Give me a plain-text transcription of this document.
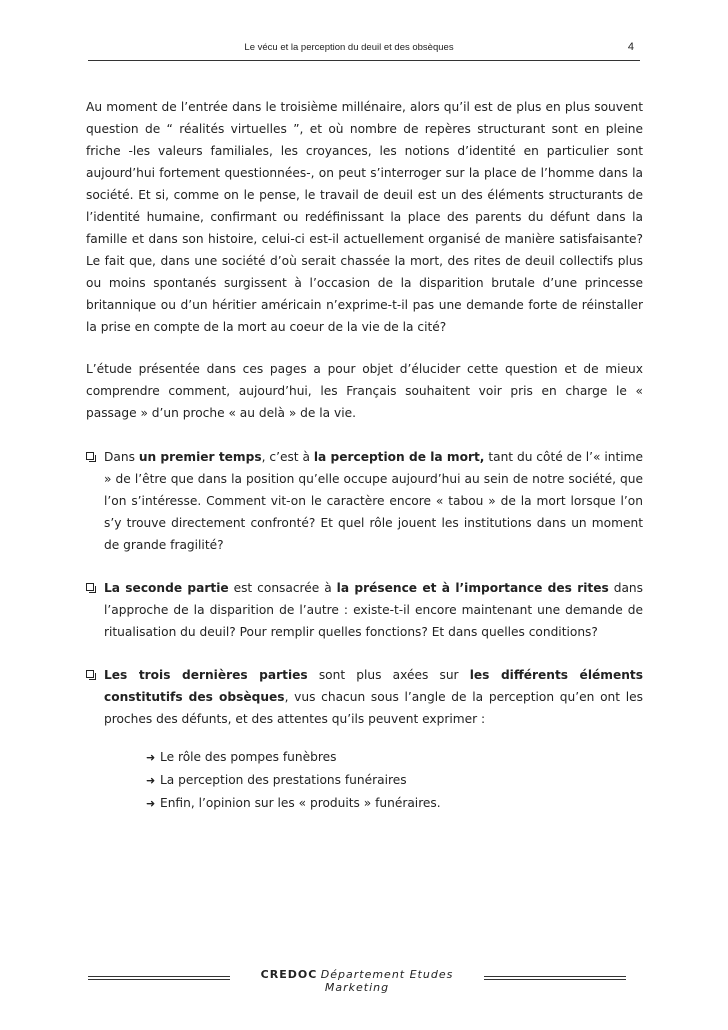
Le vécu et la perception du deuil et des obsèques	4

Au moment de l’entrée dans le troisième millénaire, alors qu’il est de plus en plus souvent question de “ réalités virtuelles ”, et où nombre de repères structurant sont en pleine friche -les valeurs familiales, les croyances, les notions d’identité en particulier sont aujourd’hui fortement questionnées-, on peut s’interroger sur la place de l’homme dans la société. Et si, comme on le pense, le travail de deuil est un des éléments structurants de l’identité humaine, confirmant ou redéfinissant la place des parents du défunt dans la famille et dans son histoire, celui-ci est-il actuellement organisé de manière satisfaisante? Le fait que, dans une société d’où serait chassée la mort, des rites de deuil collectifs plus ou moins spontanés surgissent à l’occasion de la disparition brutale d’une princesse britannique ou d’un héritier américain n’exprime-t-il pas une demande forte de réinstaller la prise en compte de la mort au coeur de la vie de la cité?

L’étude présentée dans ces pages a pour objet d’élucider cette question et de mieux comprendre comment, aujourd’hui, les Français souhaitent voir pris en charge le « passage » d’un proche « au delà » de la vie.

Dans un premier temps, c’est à la perception de la mort, tant du côté de l’« intime » de l’être que dans la position qu’elle occupe aujourd’hui au sein de notre société, que l’on s’intéresse. Comment vit-on le caractère encore « tabou » de la mort lorsque l’on s’y trouve directement confronté? Et quel rôle jouent les institutions dans un moment de grande fragilité?
La seconde partie est consacrée à la présence et à l’importance des rites dans l’approche de la disparition de l’autre : existe-t-il encore maintenant une demande de ritualisation du deuil? Pour remplir quelles fonctions? Et dans quelles conditions?
Les trois dernières parties sont plus axées sur les différents éléments constitutifs des obsèques, vus chacun sous l’angle de la perception qu’en ont les proches des défunts, et des attentes qu’ils peuvent exprimer :
➜ Le rôle des pompes funèbres
➜ La perception des prestations funéraires
➜ Enfin, l’opinion sur les « produits » funéraires.
CREDOC Département Etudes Marketing
